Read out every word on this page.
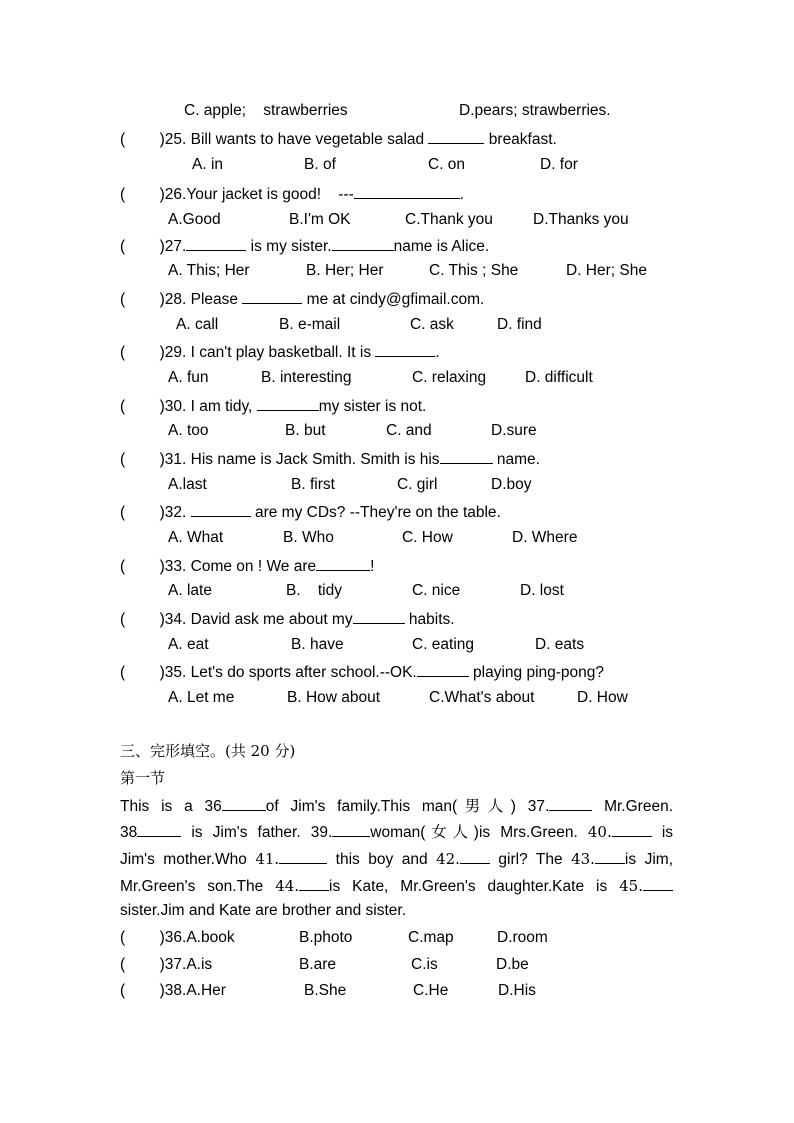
C. apple;    strawberries	D.pears; strawberries.
(        )25. Bill wants to have vegetable salad	breakfast.
A. in	B. of	C. on	D. for
(        )26.Your jacket is good!    ---	.
A.Good	B.I'm OK	C.Thank you	D.Thanks you
(        )27.	is my sister.	name is Alice.
A. This; Her	B. Her; Her	C. This ; She	D. Her; She
(        )28. Please	me at cindy@gfimail.com.
A. call	B. e-mail	C. ask	D. find
(        )29. I can't play basketball. It is	.
A. fun	B. interesting	C. relaxing	D. difficult
(        )30. I am tidy,	my sister is not.
A. too	B. but	C. and	D.sure
(        )31. His name is Jack Smith. Smith is his	name.
A.last	B. first	C. girl	D.boy
(        )32.	are my CDs? --They're on the table.
A. What	B. Who	C. How	D. Where
(        )33. Come on ! We are	!
A. late	B.    tidy	C. nice	D. lost
(        )34. David ask me about my	habits.
A. eat	B. have	C. eating	D. eats
(        )35. Let's do sports after school.--OK.	playing ping-pong?
A. Let me	B. How about	C.What's about	D. How
三、完形填空。(共 20 分)
第一节
This is a 36	of Jim's family.This man(男人) 37.	Mr.Green.
38	is Jim's father. 39. woman(女人)is Mrs.Green. 40.	is
Jim's mother.Who 41.	this boy and 42. girl? The 43. is Jim,
Mr.Green's son.The 44. is Kate, Mr.Green's daughter.Kate is 45.
sister.Jim and Kate are brother and sister.
(        )36.A.book	B.photo	C.map	D.room
(        )37.A.is	B.are	C.is	D.be
(        )38.A.Her	B.She	C.He	D.His
